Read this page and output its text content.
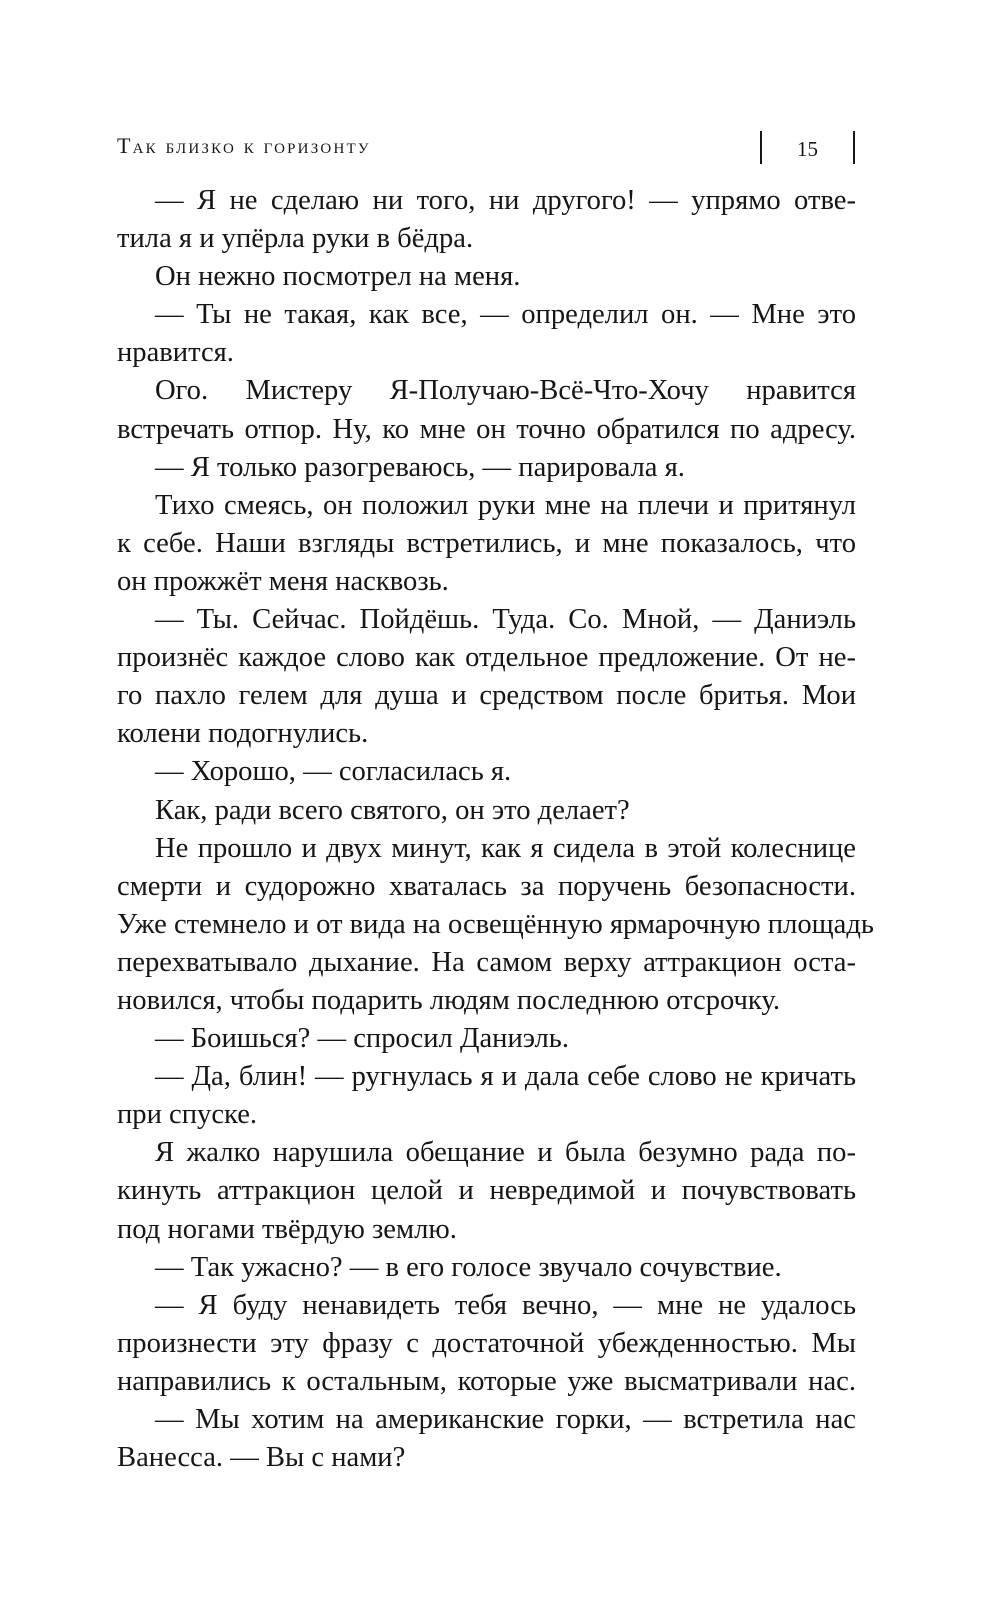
Так близко к горизонту	15
— Я не сделаю ни того, ни другого! — упрямо отве-
тила я и упёрла руки в бёдра.
Он нежно посмотрел на меня.
— Ты не такая, как все, — определил он. — Мне это
нравится.
Ого. Мистеру Я-Получаю-Всё-Что-Хочу нравится
встречать отпор. Ну, ко мне он точно обратился по адресу.
— Я только разогреваюсь, — парировала я.
Тихо смеясь, он положил руки мне на плечи и притянул
к себе. Наши взгляды встретились, и мне показалось, что
он прожжёт меня насквозь.
— Ты. Сейчас. Пойдёшь. Туда. Со. Мной, — Даниэль
произнёс каждое слово как отдельное предложение. От не-
го пахло гелем для душа и средством после бритья. Мои
колени подогнулись.
— Хорошо, — согласилась я.
Как, ради всего святого, он это делает?
Не прошло и двух минут, как я сидела в этой колеснице
смерти и судорожно хваталась за поручень безопасности.
Уже стемнело и от вида на освещённую ярмарочную площадь
перехватывало дыхание. На самом верху аттракцион оста-
новился, чтобы подарить людям последнюю отсрочку.
— Боишься? — спросил Даниэль.
— Да, блин! — ругнулась я и дала себе слово не кричать
при спуске.
Я жалко нарушила обещание и была безумно рада по-
кинуть аттракцион целой и невредимой и почувствовать
под ногами твёрдую землю.
— Так ужасно? — в его голосе звучало сочувствие.
— Я буду ненавидеть тебя вечно, — мне не удалось
произнести эту фразу с достаточной убежденностью. Мы
направились к остальным, которые уже высматривали нас.
— Мы хотим на американские горки, — встретила нас
Ванесса. — Вы с нами?
